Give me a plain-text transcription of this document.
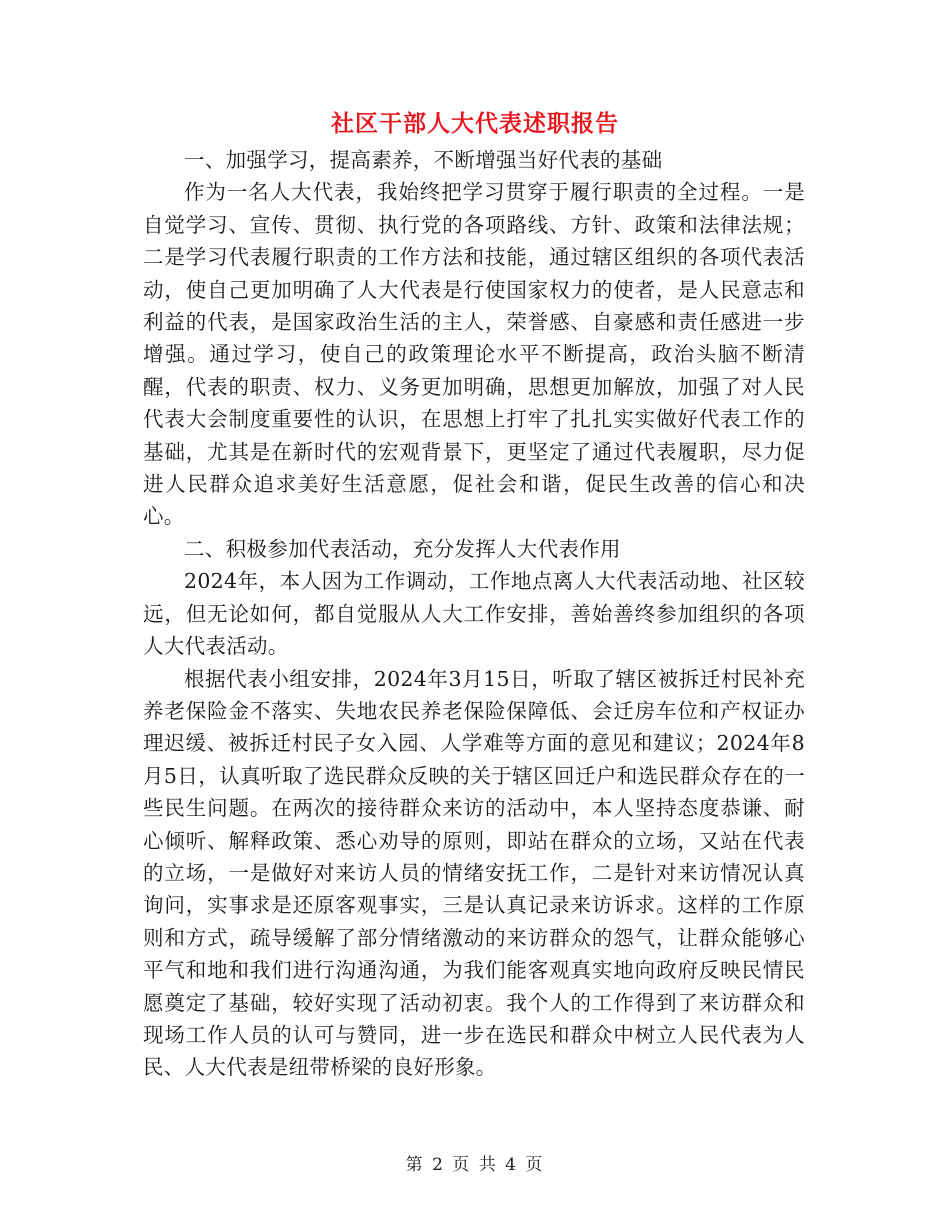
社区干部人大代表述职报告

一、加强学习，提高素养，不断增强当好代表的基础

作为一名人大代表，我始终把学习贯穿于履行职责的全过程。一是自觉学习、宣传、贯彻、执行党的各项路线、方针、政策和法律法规；二是学习代表履行职责的工作方法和技能，通过辖区组织的各项代表活动，使自己更加明确了人大代表是行使国家权力的使者，是人民意志和利益的代表，是国家政治生活的主人，荣誉感、自豪感和责任感进一步增强。通过学习，使自己的政策理论水平不断提高，政治头脑不断清醒，代表的职责、权力、义务更加明确，思想更加解放，加强了对人民代表大会制度重要性的认识，在思想上打牢了扎扎实实做好代表工作的基础，尤其是在新时代的宏观背景下，更坚定了通过代表履职，尽力促进人民群众追求美好生活意愿，促社会和谐，促民生改善的信心和决心。

二、积极参加代表活动，充分发挥人大代表作用

2024年，本人因为工作调动，工作地点离人大代表活动地、社区较远，但无论如何，都自觉服从人大工作安排，善始善终参加组织的各项人大代表活动。

根据代表小组安排，2024年3月15日，听取了辖区被拆迁村民补充养老保险金不落实、失地农民养老保险保障低、会迁房车位和产权证办理迟缓、被拆迁村民子女入园、人学难等方面的意见和建议；2024年8月5日，认真听取了选民群众反映的关于辖区回迁户和选民群众存在的一些民生问题。在两次的接待群众来访的活动中，本人坚持态度恭谦、耐心倾听、解释政策、悉心劝导的原则，即站在群众的立场，又站在代表的立场，一是做好对来访人员的情绪安抚工作，二是针对来访情况认真询问，实事求是还原客观事实，三是认真记录来访诉求。这样的工作原则和方式，疏导缓解了部分情绪激动的来访群众的怨气，让群众能够心平气和地和我们进行沟通沟通，为我们能客观真实地向政府反映民情民愿奠定了基础，较好实现了活动初衷。我个人的工作得到了来访群众和现场工作人员的认可与赞同，进一步在选民和群众中树立人民代表为人民、人大代表是纽带桥梁的良好形象。

第 2 页 共 4 页
